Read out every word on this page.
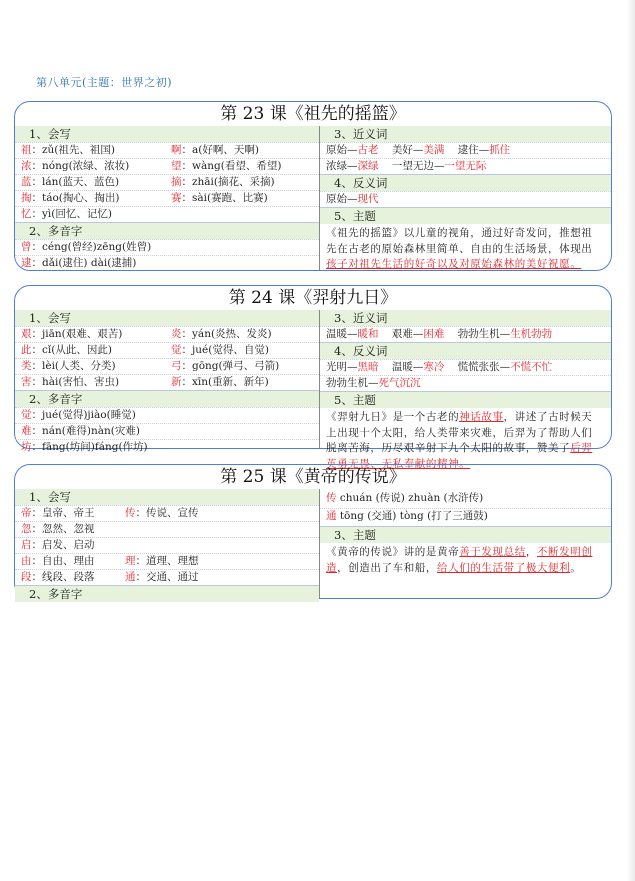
第八单元(主题：世界之初)
第 23 课《祖先的摇篮》
1、会写
祖：zǔ(祖先、祖国)	啊：a(好啊、天啊)
浓：nóng(浓绿、浓妆)	望：wàng(看望、希望)
蓝：lán(蓝天、蓝色)	摘：zhāi(摘花、采摘)
掏：táo(掏心、掏出)	赛：sài(赛跑、比赛)
忆：yì(回忆、记忆)
2、多音字
曾：céng(曾经)zēng(姓曾)
逮：dǎi(逮住) dài(逮捕)
3、近义词
原始—古老 美好—美满 逮住—抓住
浓绿—深绿 一望无边—一望无际
4、反义词
原始—现代
5、主题
《祖先的摇篮》以儿童的视角，通过好奇发问，推想祖先在古老的原始森林里简单、自由的生活场景，体现出孩子对祖先生活的好奇以及对原始森林的美好祝愿。
第 24 课《羿射九日》
1、会写
艰：jiān(艰难、艰苦)	炎：yán(炎热、发炎)
此：cǐ(从此、因此)	觉：jué(觉得、自觉)
类：lèi(人类、分类)	弓：gōng(弹弓、弓箭)
害：hài(害怕、害虫)	新：xīn(重新、新年)
2、多音字
觉：jué(觉得)jiào(睡觉)
难：nán(难得)nàn(灾难)
坊：fāng(坊间)fáng(作坊)
3、近义词
温暖—暖和 艰难—困难 勃勃生机—生机勃勃
4、反义词
光明—黑暗 温暖—寒冷 慌慌张张—不慌不忙
勃勃生机—死气沉沉
5、主题
《羿射九日》是一个古老的神话故事，讲述了古时候天上出现十个太阳，给人类带来灾难，后羿为了帮助人们脱离苦海，历尽艰辛射下九个太阳的故事，赞美了后羿英勇无畏、无私奉献的精神。
第 25 课《黄帝的传说》
1、会写
帝：皇帝、帝王	传：传说、宣传
忽：忽然、忽视
启：启发、启动
由：自由、理由	理：道理、理想
段：线段、段落	通：交通、通过
2、多音字
传 chuán (传说) zhuàn (水浒传)
通 tōng (交通) tòng (打了三通鼓)
3、主题
《黄帝的传说》讲的是黄帝善于发现总结，不断发明创造，创造出了车和船，给人们的生活带了极大便利。
